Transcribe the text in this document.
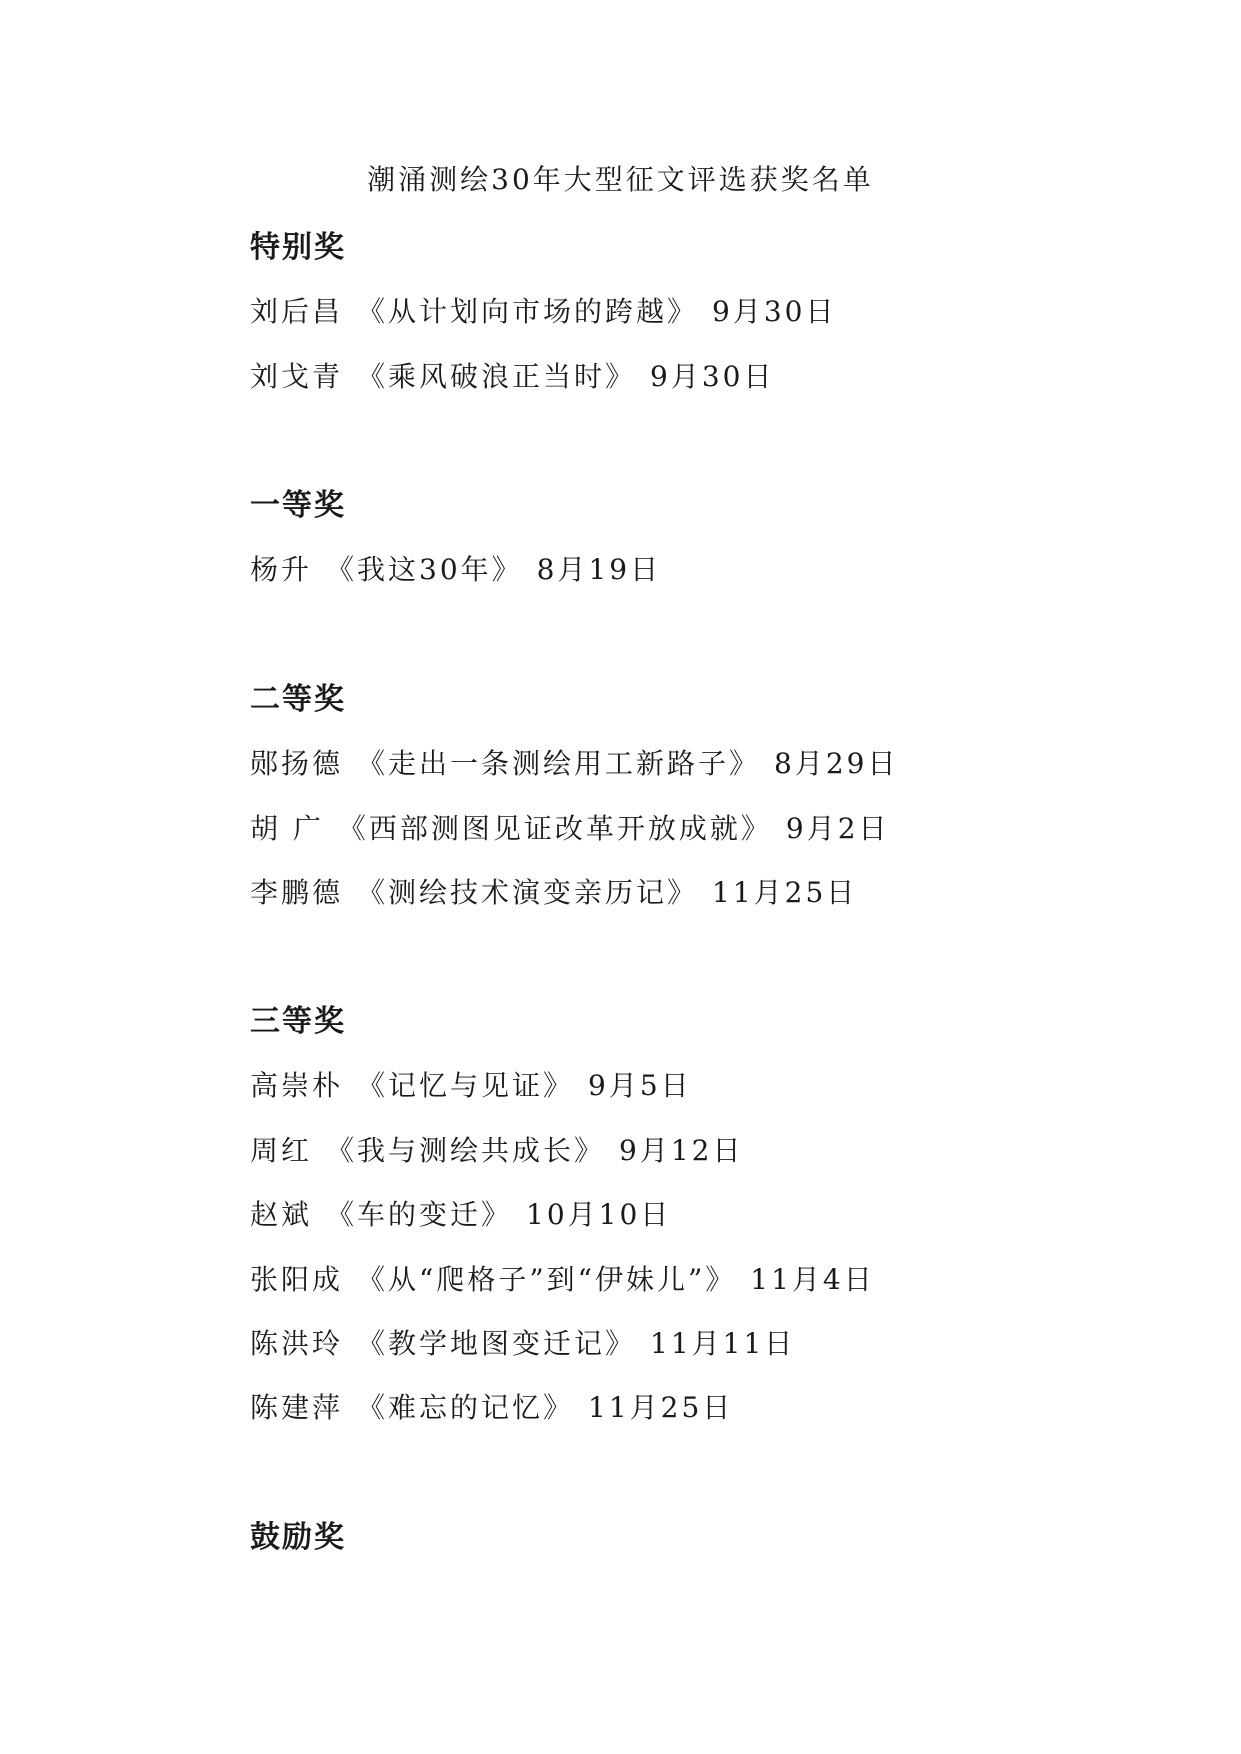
潮涌测绘30年大型征文评选获奖名单
特别奖
刘后昌 《从计划向市场的跨越》 9月30日
刘戈青 《乘风破浪正当时》 9月30日
一等奖
杨升 《我这30年》 8月19日
二等奖
郧扬德 《走出一条测绘用工新路子》 8月29日
胡 广 《西部测图见证改革开放成就》 9月2日
李鹏德 《测绘技术演变亲历记》 11月25日
三等奖
高崇朴 《记忆与见证》 9月5日
周红 《我与测绘共成长》 9月12日
赵斌 《车的变迁》 10月10日
张阳成 《从“爬格子”到“伊妹儿”》 11月4日
陈洪玲 《教学地图变迁记》 11月11日
陈建萍 《难忘的记忆》 11月25日
鼓励奖
